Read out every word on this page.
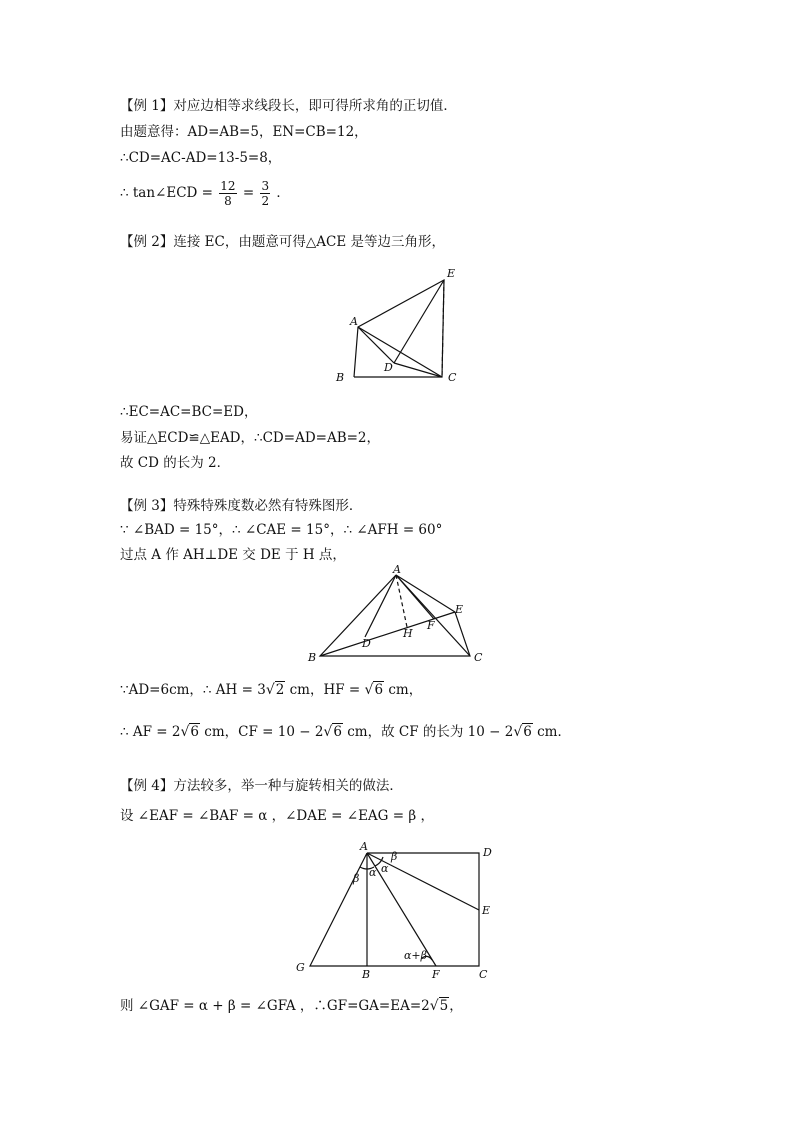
【例 1】对应边相等求线段长，即可得所求角的正切值．
由题意得：AD=AB=5，EN=CB=12，
∴CD=AC-AD=13-5=8，
∴ tan∠ECD = $\frac{12}{8} = \frac{3}{2}$ ．
【例 2】连接 EC，由题意可得△ACE 是等边三角形，
E
A
D
B	C
∴EC=AC=BC=ED，
易证△ECD≌△EAD，∴CD=AD=AB=2，
故 CD 的长为 2．
【例 3】特殊特殊度数必然有特殊图形．
∵ ∠BAD = 15°，∴ ∠CAE = 15°，∴ ∠AFH = 60°
过点 A 作 AH⊥DE 交 DE 于 H 点，
A
E
F
H
D
B	C
∵AD=6cm，∴ AH = 3√2 cm，HF = √6 cm，
∴ AF = 2√6 cm，CF = 10 − 2√6 cm，故 CF 的长为 10 − 2√6 cm．
【例 4】方法较多，举一种与旋转相关的做法．
设 ∠EAF = ∠BAF = α ，∠DAE = ∠EAG = β ，
A	D
E
G
B	F	C
β α
β
α
α+β
则 ∠GAF = α + β = ∠GFA ，∴GF=GA=EA=2√5，
